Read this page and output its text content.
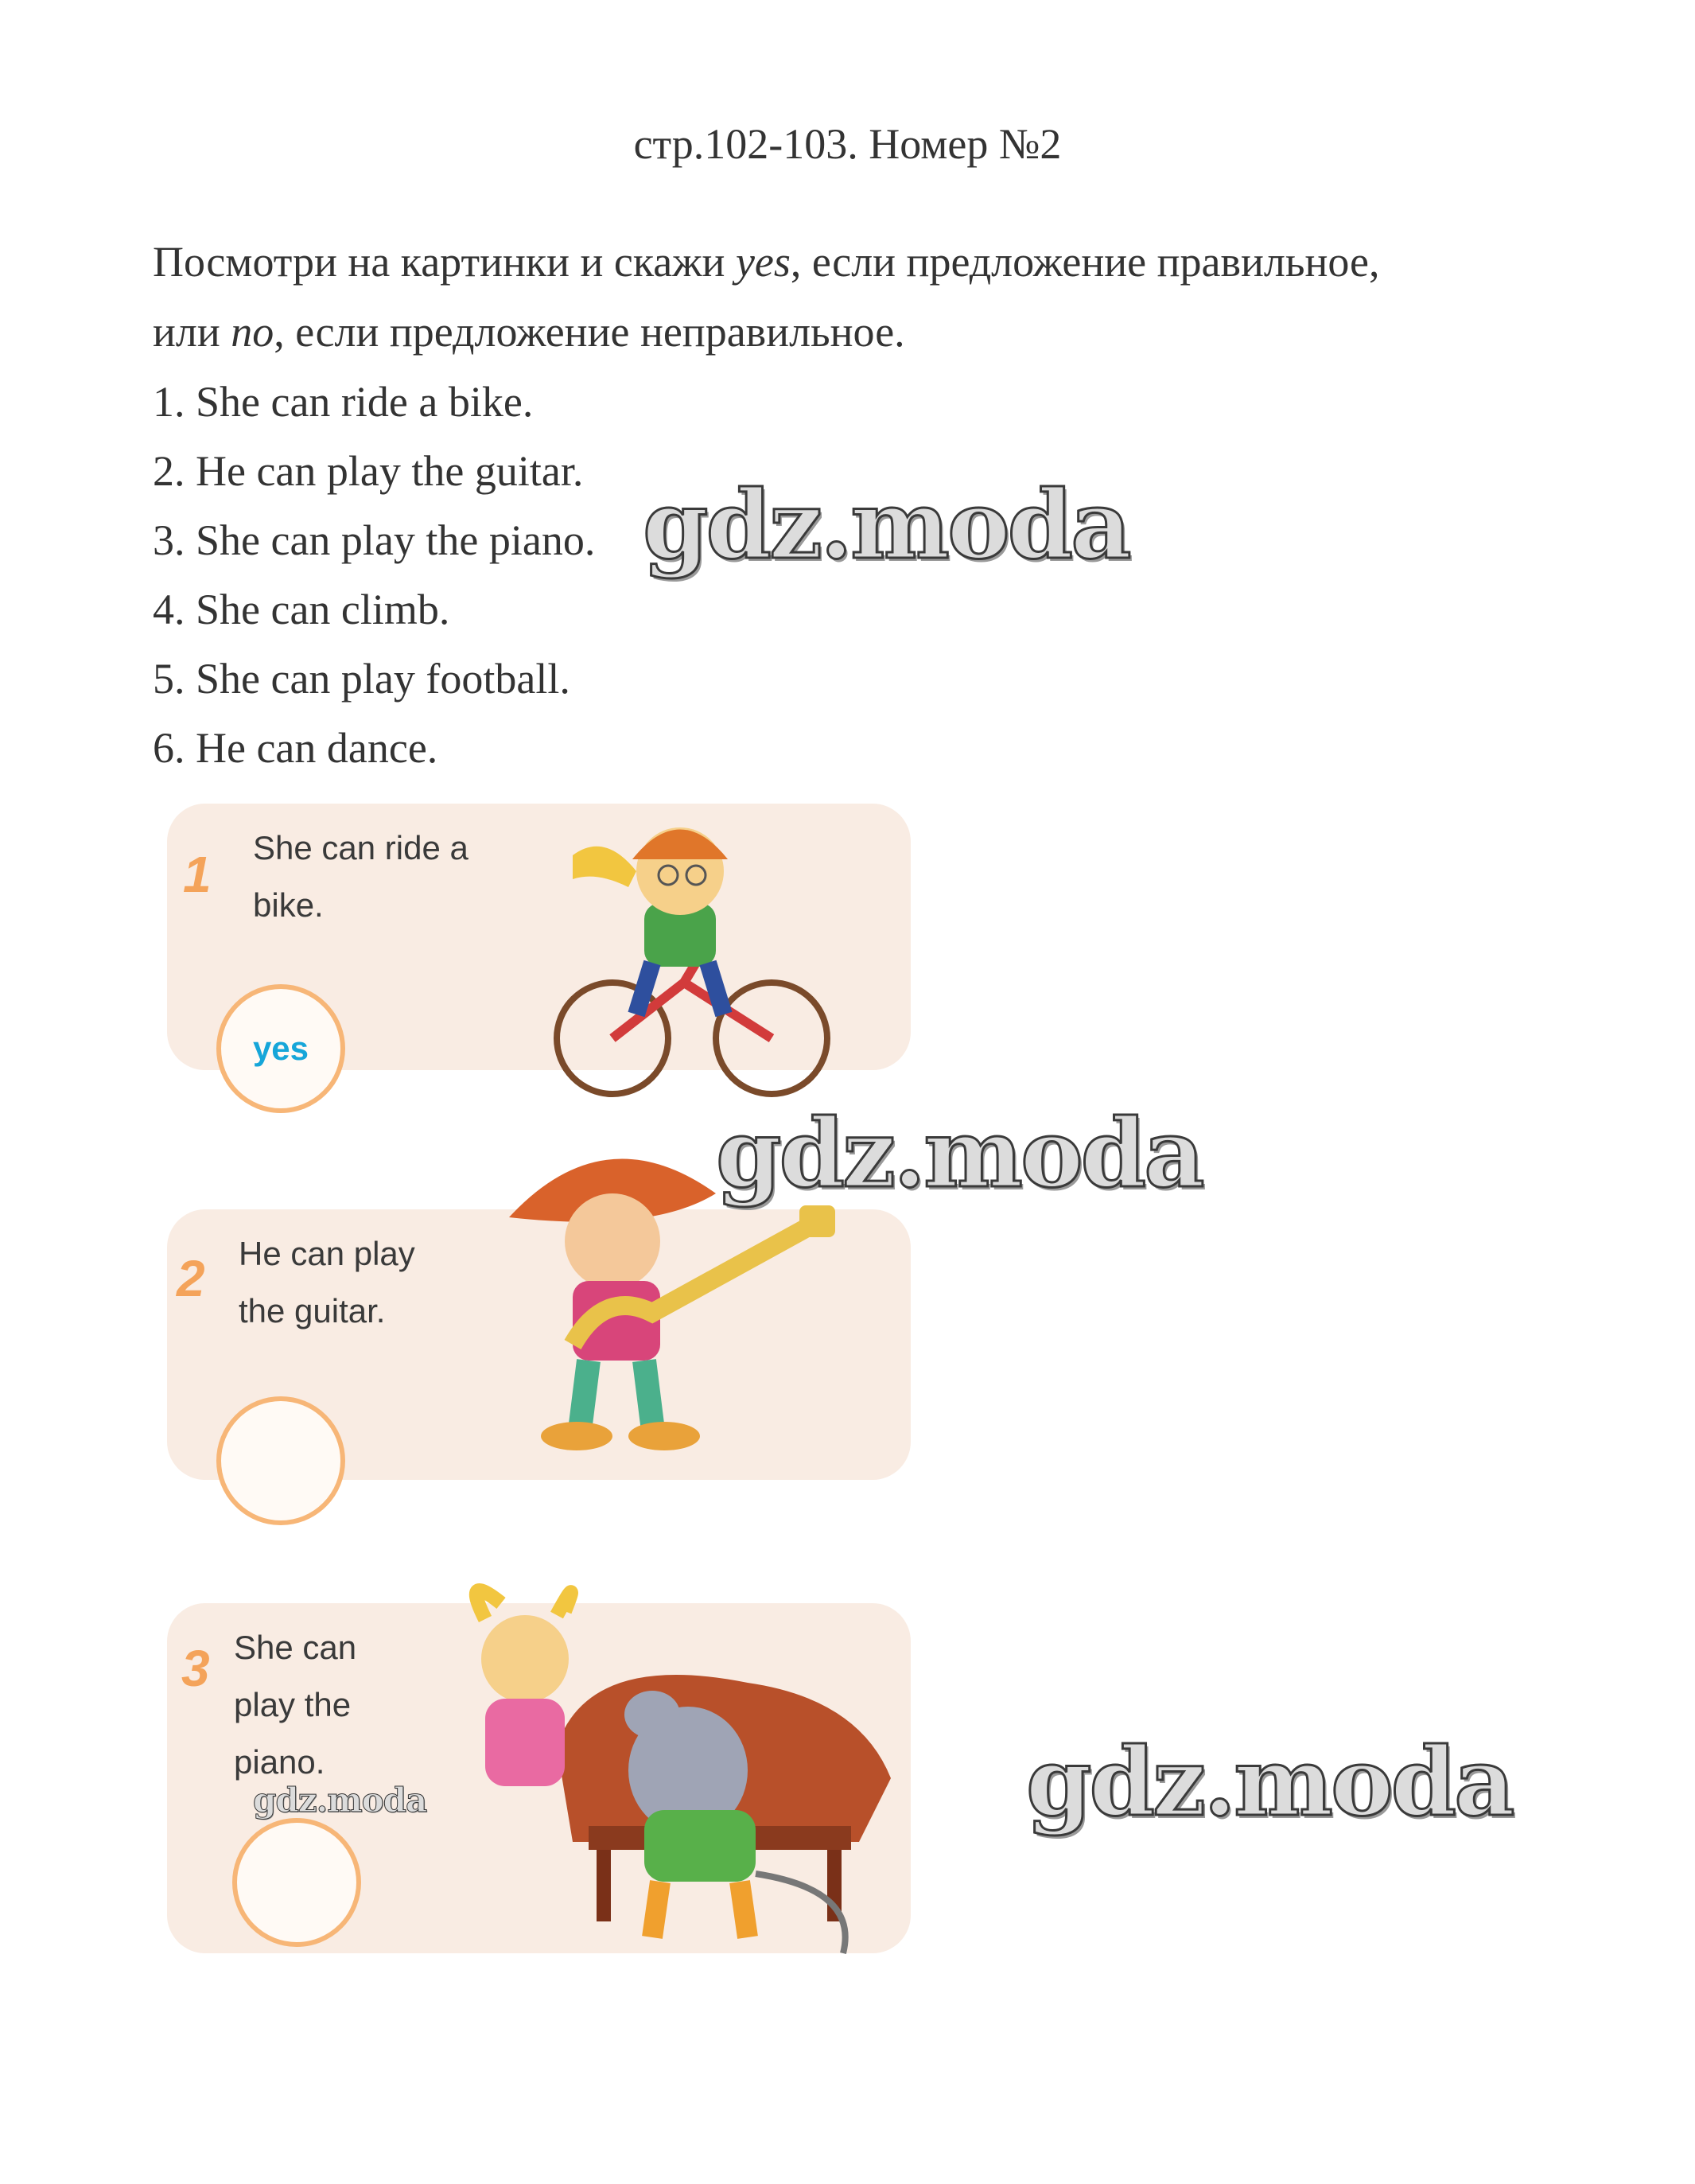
стр.102-103. Номер №2
Посмотри на картинки и скажи yes, если предложение правильное,
или no, если предложение неправильное.
1. She can ride a bike.
2. He can play the guitar.
3. She can play the piano.
4. She can climb.
5. She can play football.
6. He can dance.
1 She can ride a
bike.
yes
2 He can play
the guitar.
3 She can
play the
piano.
gdz.moda
gdz.moda
gdz.moda
gdz.moda
